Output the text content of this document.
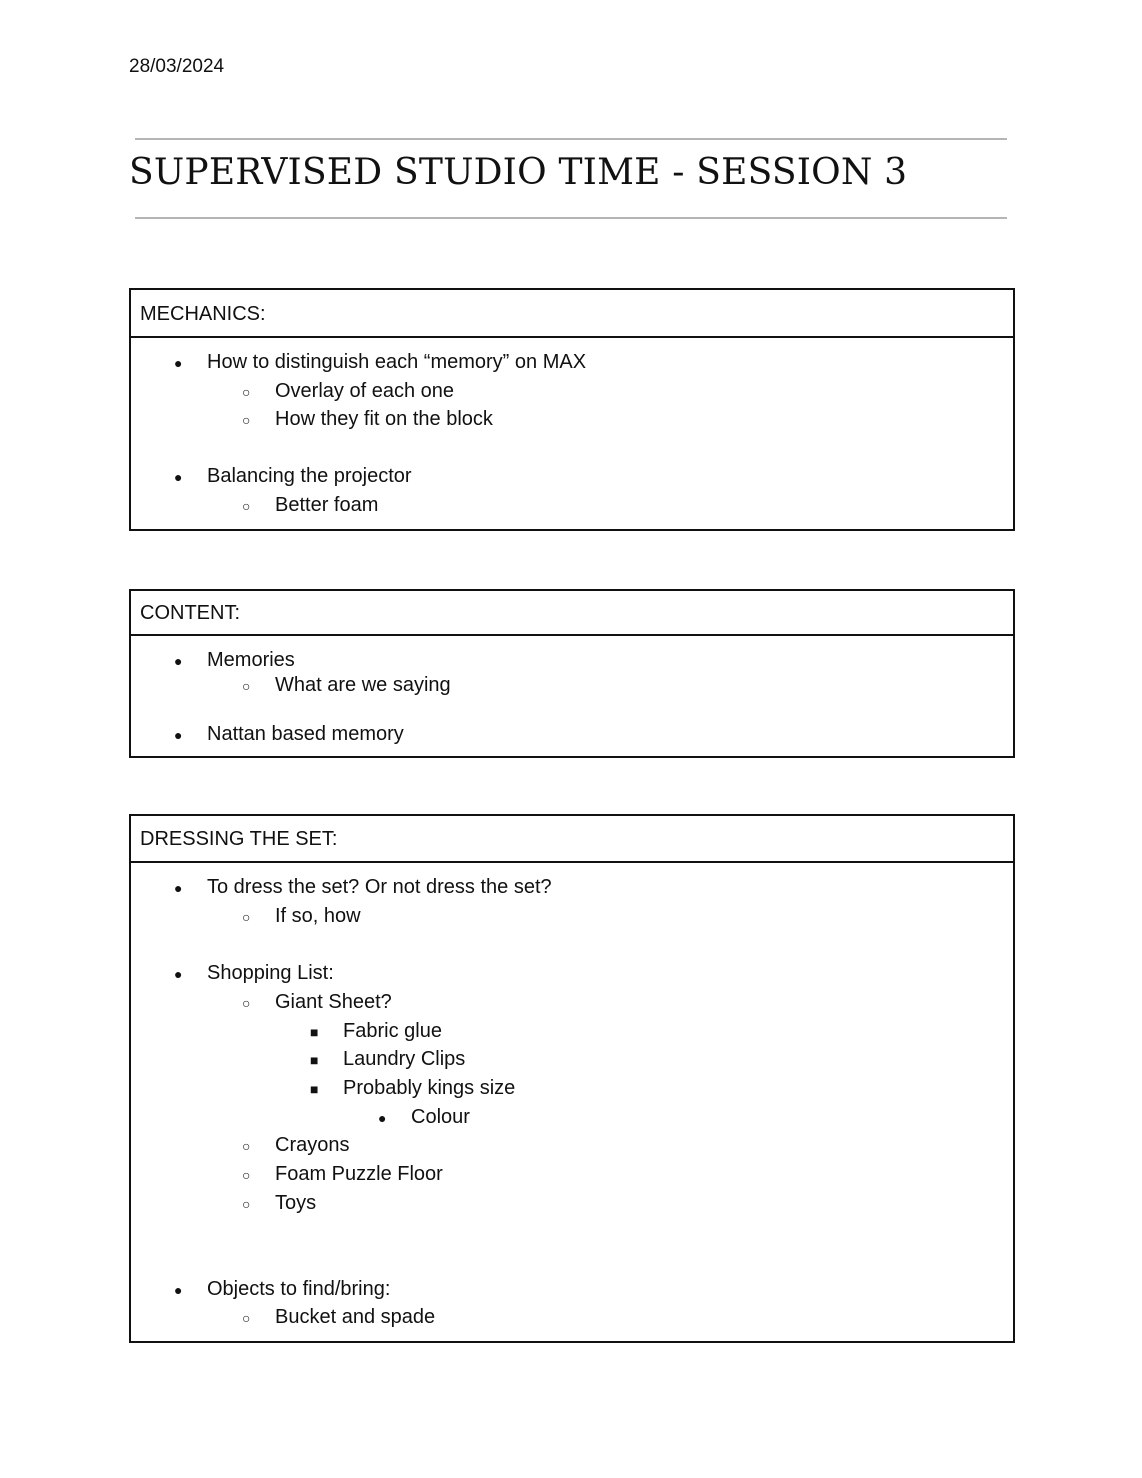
28/03/2024
SUPERVISED STUDIO TIME - SESSION 3
MECHANICS:
● How to distinguish each “memory” on MAX
○ Overlay of each one
○ How they fit on the block
● Balancing the projector
○ Better foam
CONTENT:
● Memories
○ What are we saying
● Nattan based memory
DRESSING THE SET:
● To dress the set? Or not dress the set?
○ If so, how
● Shopping List:
○ Giant Sheet?
■ Fabric glue
■ Laundry Clips
■ Probably kings size
● Colour
○ Crayons
○ Foam Puzzle Floor
○ Toys
● Objects to find/bring:
○ Bucket and spade
